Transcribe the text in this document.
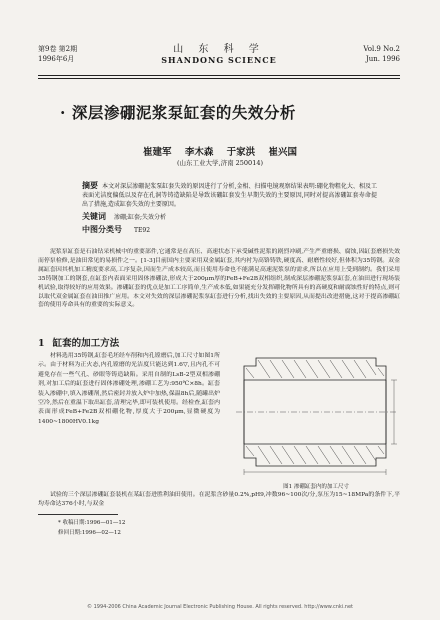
第9卷 第2期
1996年6月
山 东 科 学
SHANDONG SCIENCE
Vol.9 No.2
Jun. 1996
· 深层渗硼泥浆泵缸套的失效分析
崔建军 李木森 于家洪 崔兴国
(山东工业大学,济南 250014)
摘要 本文对深层渗硼泥浆泵缸套失效的原因进行了分析,金相、扫描电镜观察结果表明:硼化物粗化大、相及工表面光洁度偏低以及存在孔洞等铸造缺陷是导致该硼缸套发生早期失效的主要原因,同时对提高渗硼缸套寿命提出了措施,造成缸套失效的主要原因。
关键词 渗硼;缸套;失效分析
中图分类号 TE92
泥浆泵缸套是石油钻采机械中的重要部件,它通常是在高压、高速状态下承受碱性泥浆的剧烈冲刷,产生严重磨损、腐蚀,因缸套磨损失效而停泵检修,是油田常见的易损件之一。[1-3]目前国内主要采用双金属缸套,其内衬为高铬铸铁,硬度高、耐磨性较好,但体积为35铸钢。双金属缸套因其机加工精度要求高,工序复杂,因而生产成本较高,而且使用寿命也不能满足高速泥浆泵的需求,所以在应用上受到制约。我们采用35铸钢加工的钢套,在缸套内表面采用固体渗硼法,形成大于200μm厚的FeB+Fe2B双相组织,制成深层渗硼泥浆泵缸套,在油田进行现场装机试验,取得较好的应用效果。渗硼缸套的优点是加工工序简单,生产成本低,如果能充分发挥硼化物所具有的高硬度和耐腐蚀性好的特点,则可以取代双金属缸套在油田推广应用。本文对失效的深层渗硼泥浆泵缸套进行分析,找出失效的主要原因,从而提出改进措施,这对于提高渗硼缸套的使用寿命具有的重要的实际意义。
1 缸套的加工方法
材料选用35铸钢,缸套毛坯经车削和内孔镗磨后,加工尺寸如图1所示。由于材料为正火态,内孔镗磨的光洁度只能达到1.6▽,且内孔不可避免存在一些气孔、砂眼等铸造缺陷。采用自制的LsB-2型双相渗硼剂,对加工后的缸套进行固体渗硼处理,渗硼工艺为:950℃×8h。缸套装入渗硼中,填入渗硼剂,然后密封并放入炉中加热,保温8h后,随罐出炉空冷,然后在重温下取出缸套,清理完毕,即可装机使用。经检查,缸套内表面形成FeB+Fe2B双相硼化物,厚度大于200μm,显微硬度为1400~1800HV0.1kg
图1 渗硼缸套内的加工尺寸
试验的三个深层渗硼缸套装机在某缸套进胜利油田使用。在泥浆含砂量0.2%,pH9,冲数96~100次/分,泵压为15~18MPa的条件下,平均寿命达376小时,与双金
* 收稿日期:1996—01—12
修回日期:1996—02—12
© 1994-2006 China Academic Journal Electronic Publishing House. All rights reserved. http://www.cnki.net
